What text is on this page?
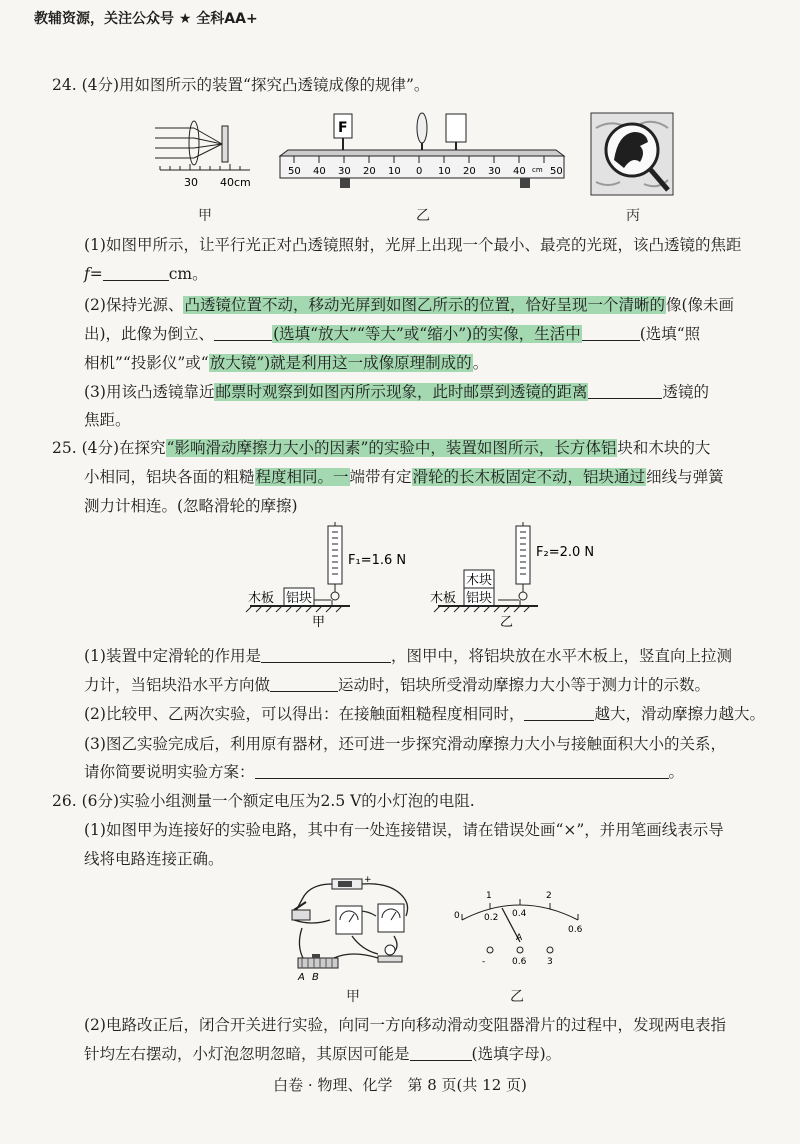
教辅资源，关注公众号 ★ 全科AA+
24. (4分)用如图所示的装置“探究凸透镜成像的规律”。
30 40cm
F
50 40 30 20 10 0 10 20 30 40 50
cm
甲	乙	丙
(1)如图甲所示，让平行光正对凸透镜照射，光屏上出现一个最小、最亮的光斑，该凸透镜的焦距
f=	cm。
(2)保持光源、凸透镜位置不动，移动光屏到如图乙所示的位置，恰好呈现一个清晰的像(像未画
出)，此像为倒立、	(选填“放大”“等大”或“缩小”)的实像，生活中	(选填“照
相机”“投影仪”或“放大镜”)就是利用这一成像原理制成的。
(3)用该凸透镜靠近邮票时观察到如图丙所示现象，此时邮票到透镜的距离	透镜的
焦距。
25. (4分)在探究“影响滑动摩擦力大小的因素”的实验中，装置如图所示，长方体铝块和木块的大
小相同，铝块各面的粗糙程度相同。一端带有定滑轮的长木板固定不动，铝块通过细线与弹簧
测力计相连。(忽略滑轮的摩擦)
F₁=1.6 N
木板 铝块
甲
F₂=2.0 N
木板
木块
铝块
乙
(1)装置中定滑轮的作用是	，图甲中，将铝块放在水平木板上，竖直向上拉测
力计，当铝块沿水平方向做	运动时，铝块所受滑动摩擦力大小等于测力计的示数。
(2)比较甲、乙两次实验，可以得出：在接触面粗糙程度相同时，	越大，滑动摩擦力越大。
(3)图乙实验完成后，利用原有器材，还可进一步探究滑动摩擦力大小与接触面积大小的关系，
请你简要说明实验方案：	。
26. (6分)实验小组测量一个额定电压为2.5 V的小灯泡的电阻.
(1)如图甲为连接好的实验电路，其中有一处连接错误，请在错误处画“×”，并用笔画线表示导
线将电路连接正确。
+
A B
1	2
0	0.2 0.4
0.6
A
-	0.6 3
甲	乙
(2)电路改正后，闭合开关进行实验，向同一方向移动滑动变阻器滑片的过程中，发现两电表指
针均左右摆动，小灯泡忽明忽暗，其原因可能是	(选填字母)。
白卷 · 物理、化学　第 8 页(共 12 页)
